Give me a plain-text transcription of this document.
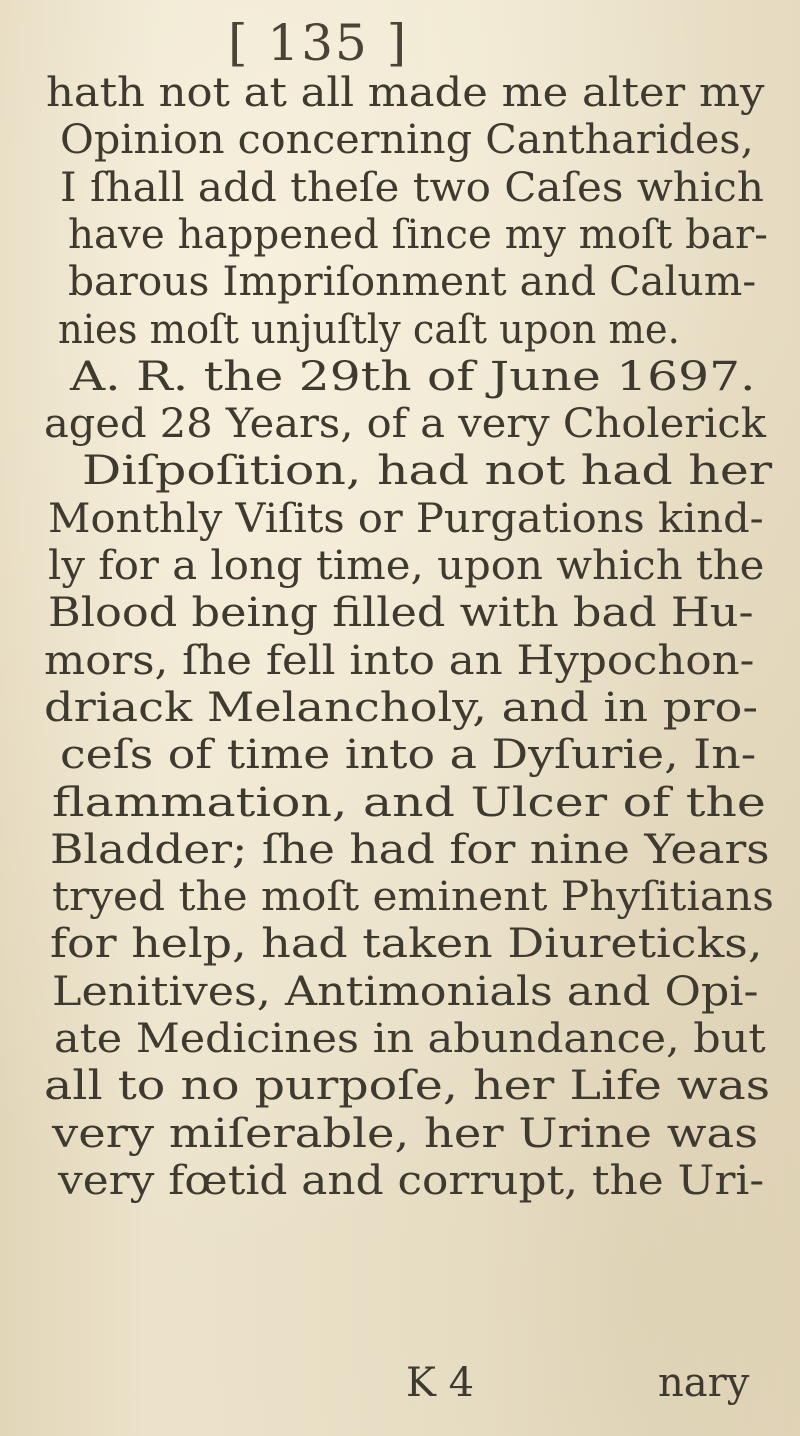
[ 135 ]
hath not at all made me alter my
Opinion concerning Cantharides,
I ſhall add theſe two Caſes which
have happened ſince my moſt bar-
barous Impriſonment and Calum-
nies moſt unjuſtly caſt upon me.
A. R. the 29th of June 1697.
aged 28 Years, of a very Cholerick
Diſpoſition, had not had her
Monthly Viſits or Purgations kind-
ly for a long time, upon which the
Blood being filled with bad Hu-
mors, ſhe fell into an Hypochon-
driack Melancholy, and in pro-
ceſs of time into a Dyſurie, In-
flammation, and Ulcer of the
Bladder; ſhe had for nine Years
tryed the moſt eminent Phyſitians
for help, had taken Diureticks,
Lenitives, Antimonials and Opi-
ate Medicines in abundance, but
all to no purpoſe, her Life was
very miſerable, her Urine was
very fœtid and corrupt, the Uri-
K 4	nary
